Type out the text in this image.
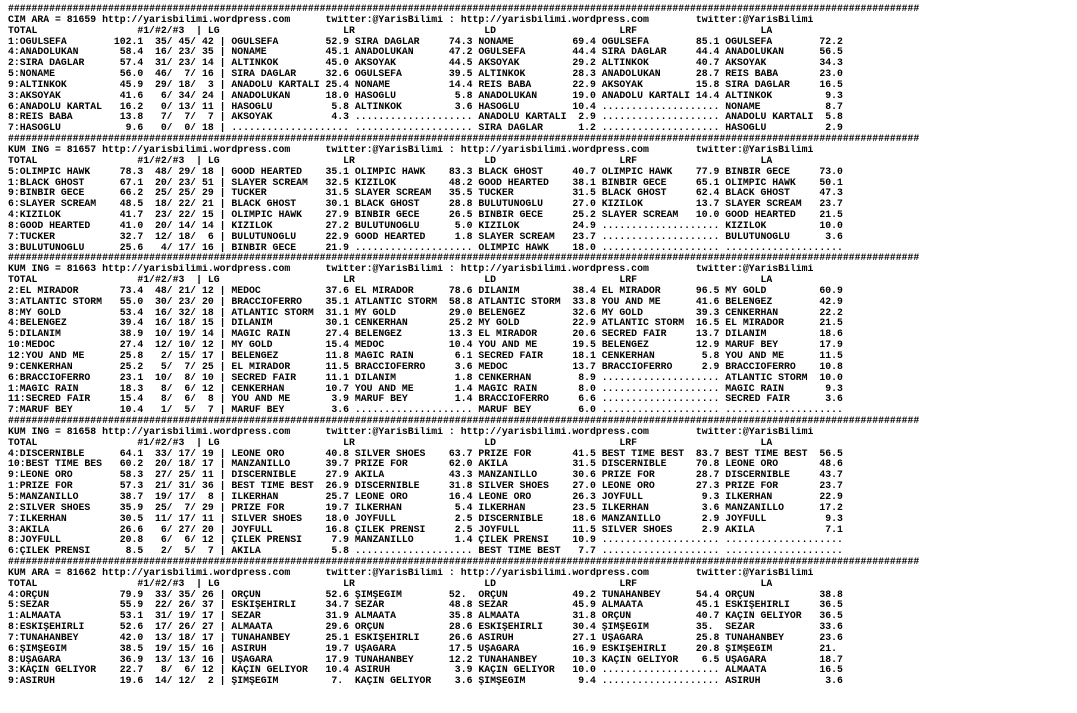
###########################################################################################################################################################
CIM ARA = 81659 http://yarisbilimi.wordpress.com      twitter:@YarisBilimi : http://yarisbilimi.wordpress.com        twitter:@YarisBilimi
TOTAL                 #1/#2/#3  | LG                     LR                      LD                     LRF                     LA
1:OĞULSEFA        102.1  35/ 45/ 42 | OĞULSEFA        52.9 SIRA DAĞLAR     74.3 NONAME          69.4 OĞULSEFA        85.1 OĞULSEFA        72.2
4:ANADOLUKAN       58.4  16/ 23/ 35 | NONAME          45.1 ANADOLUKAN      47.2 OĞULSEFA        44.4 SIRA DAĞLAR     44.4 ANADOLUKAN      56.5
2:SIRA DAĞLAR      57.4  31/ 23/ 14 | ALTINKOK        45.0 AKSOYAK         44.5 AKSOYAK         29.2 ALTINKOK        40.7 AKSOYAK         34.3
5:NONAME           56.0  46/  7/ 16 | SIRA DAĞLAR     32.6 OĞULSEFA        39.5 ALTINKOK        28.3 ANADOLUKAN      28.7 REİS BABA       23.0
9:ALTINKOK         45.9  29/ 18/  3 | ANADOLU KARTALI 25.4 NONAME          14.4 REİS BABA       22.9 AKSOYAK         15.8 SIRA DAĞLAR     16.5
3:AKSOYAK          41.6   6/ 34/ 24 | ANADOLUKAN      18.0 HASOĞLU          5.8 ANADOLUKAN      19.0 ANADOLU KARTALI 14.4 ALTINKOK         9.3
6:ANADOLU KARTAL   16.2   0/ 13/ 11 | HASOĞLU          5.8 ALTINKOK         3.6 HASOĞLU         10.4 .................... NONAME           8.7
8:REİS BABA        13.8   7/  7/  7 | AKSOYAK          4.3 .................... ANADOLU KARTALI  2.9 .................... ANADOLU KARTALI  5.8
7:HASOĞLU           9.6   0/  0/ 18 | .................... .................... SIRA DAĞLAR      1.2 .................... HASOĞLU          2.9
###########################################################################################################################################################
KUM İNG = 81657 http://yarisbilimi.wordpress.com      twitter:@YarisBilimi : http://yarisbilimi.wordpress.com        twitter:@YarisBilimi
TOTAL                 #1/#2/#3  | LG                     LR                      LD                     LRF                     LA
5:OLIMPIC HAWK     78.3  48/ 29/ 18 | GOOD HEARTED    35.1 OLIMPIC HAWK    83.3 BLACK GHOST     40.7 OLIMPIC HAWK    77.9 BİNBİR GECE     73.0
1:BLACK GHOST      67.1  20/ 23/ 51 | SLAYER SCREAM   32.5 KIZILOK         48.2 GOOD HEARTED    38.1 BİNBİR GECE     65.1 OLIMPIC HAWK    50.1
9:BİNBİR GECE      66.2  25/ 25/ 29 | TUCKER          31.5 SLAYER SCREAM   35.5 TUCKER          31.5 BLACK GHOST     62.4 BLACK GHOST     47.3
6:SLAYER SCREAM    48.5  18/ 22/ 21 | BLACK GHOST     30.1 BLACK GHOST     28.8 BULUTUNOĞLU     27.0 KIZILOK         13.7 SLAYER SCREAM   23.7
4:KIZILOK          41.7  23/ 22/ 15 | OLIMPIC HAWK    27.9 BİNBİR GECE     26.5 BİNBİR GECE     25.2 SLAYER SCREAM   10.0 GOOD HEARTED    21.5
8:GOOD HEARTED     41.0  20/ 14/ 14 | KIZILOK         27.2 BULUTUNOĞLU      5.0 KIZILOK         24.9 .................... KIZILOK         10.0
7:TUCKER           32.7  12/ 18/  6 | BULUTUNOĞLU     22.9 GOOD HEARTED     1.8 SLAYER SCREAM   23.7 .................... BULUTUNOĞLU      3.6
3:BULUTUNOĞLU      25.6   4/ 17/ 16 | BİNBİR GECE     21.9 .................... OLIMPIC HAWK    18.0 .................... ....................
###########################################################################################################################################################
KUM İNG = 81663 http://yarisbilimi.wordpress.com      twitter:@YarisBilimi : http://yarisbilimi.wordpress.com        twitter:@YarisBilimi
TOTAL                 #1/#2/#3  | LG                     LR                      LD                     LRF                     LA
2:EL MIRADOR       73.4  48/ 21/ 12 | MEDOC           37.6 EL MIRADOR      78.6 DİLANIM         38.4 EL MIRADOR      96.5 MY GOLD         60.9
3:ATLANTIC STORM   55.0  30/ 23/ 20 | BRACCIOFERRO    35.1 ATLANTIC STORM  58.8 ATLANTIC STORM  33.8 YOU AND ME      41.6 BELENGEZ        42.9
8:MY GOLD          53.4  16/ 32/ 18 | ATLANTIC STORM  31.1 MY GOLD         29.0 BELENGEZ        32.6 MY GOLD         39.3 CENKERHAN       22.2
4:BELENGEZ         39.4  16/ 18/ 15 | DİLANIM         30.1 CENKERHAN       25.2 MY GOLD         22.9 ATLANTIC STORM  16.5 EL MIRADOR      21.5
5:DİLANIM          38.9  10/ 19/ 14 | MAGIC RAIN      27.4 BELENGEZ        13.3 EL MIRADOR      20.6 SECRED FAIR     13.7 DİLANIM         18.6
10:MEDOC           27.4  12/ 10/ 12 | MY GOLD         15.4 MEDOC           10.4 YOU AND ME      19.5 BELENGEZ        12.9 MARUF BEY       17.9
12:YOU AND ME      25.8   2/ 15/ 17 | BELENGEZ        11.8 MAGIC RAIN       6.1 SECRED FAIR     18.1 CENKERHAN        5.8 YOU AND ME      11.5
9:CENKERHAN        25.2   5/  7/ 25 | EL MIRADOR      11.5 BRACCIOFERRO     3.6 MEDOC           13.7 BRACCIOFERRO     2.9 BRACCIOFERRO    10.8
6:BRACCIOFERRO     23.1  10/  8/ 10 | SECRED FAIR     11.1 DİLANIM          1.8 CENKERHAN        8.9 .................... ATLANTIC STORM  10.0
1:MAGIC RAIN       18.3   8/  6/ 12 | CENKERHAN       10.7 YOU AND ME       1.4 MAGIC RAIN       8.0 .................... MAGIC RAIN       9.3
11:SECRED FAIR     15.4   8/  6/  8 | YOU AND ME       3.9 MARUF BEY        1.4 BRACCIOFERRO     6.6 .................... SECRED FAIR      3.6
7:MARUF BEY        10.4   1/  5/  7 | MARUF BEY        3.6 .................... MARUF BEY        6.0 .................... ....................
###########################################################################################################################################################
KUM İNG = 81658 http://yarisbilimi.wordpress.com      twitter:@YarisBilimi : http://yarisbilimi.wordpress.com        twitter:@YarisBilimi
TOTAL                 #1/#2/#3  | LG                     LR                      LD                     LRF                     LA
4:DISCERNIBLE      64.1  33/ 17/ 19 | LEONE ORO       40.8 SILVER SHOES    63.7 PRIZE FOR       41.5 BEST TIME BEST  83.7 BEST TIME BEST  56.5
10:BEST TIME BES   60.2  20/ 18/ 17 | MANZANILLO      39.7 PRIZE FOR       62.0 AKİLA           31.5 DISCERNIBLE     70.8 LEONE ORO       48.6
9:LEONE ORO        58.3  27/ 25/ 11 | DISCERNIBLE     27.9 AKİLA           43.3 MANZANILLO      30.6 PRIZE FOR       28.7 DISCERNIBLE     43.7
1:PRIZE FOR        57.3  21/ 31/ 36 | BEST TIME BEST  26.9 DISCERNIBLE     31.8 SILVER SHOES    27.0 LEONE ORO       27.3 PRIZE FOR       23.7
5:MANZANILLO       38.7  19/ 17/  8 | İLKERHAN        25.7 LEONE ORO       16.4 LEONE ORO       26.3 JOYFULL          9.3 İLKERHAN        22.9
2:SILVER SHOES     35.9  25/  7/ 29 | PRIZE FOR       19.7 İLKERHAN         5.4 İLKERHAN        23.5 İLKERHAN         3.6 MANZANILLO      17.2
7:İLKERHAN         30.5  11/ 17/ 11 | SILVER SHOES    18.0 JOYFULL          2.5 DISCERNIBLE     18.6 MANZANILLO       2.9 JOYFULL          9.3
3:AKİLA            26.6   6/ 27/ 20 | JOYFULL         16.8 ÇİLEK PRENSİ     2.5 JOYFULL         11.5 SILVER SHOES     2.9 AKİLA            7.1
8:JOYFULL          20.8   6/  6/ 12 | ÇİLEK PRENSİ     7.9 MANZANILLO       1.4 ÇİLEK PRENSİ    10.9 .................... ....................
6:ÇİLEK PRENSİ      8.5   2/  5/  7 | AKİLA            5.8 .................... BEST TIME BEST   7.7 .................... ....................
###########################################################################################################################################################
KUM ARA = 81662 http://yarisbilimi.wordpress.com      twitter:@YarisBilimi : http://yarisbilimi.wordpress.com        twitter:@YarisBilimi
TOTAL                 #1/#2/#3  | LG                     LR                      LD                     LRF                     LA
4:ORÇUN            79.9  33/ 35/ 26 | ORÇUN           52.6 ŞİMŞEĞİM        52.  ORÇUN           49.2 TUNAHANBEY      54.4 ORÇUN           38.8
5:SEZAR            55.9  22/ 26/ 37 | ESKİŞEHİRLİ     34.7 SEZAR           48.8 SEZAR           45.9 ALMAATA         45.1 ESKİŞEHİRLİ     36.5
1:ALMAATA          53.1  31/ 19/ 17 | SEZAR           31.9 ALMAATA         35.8 ALMAATA         31.8 ORÇUN           40.7 KAÇIN GELİYOR   36.5
8:ESKİŞEHİRLİ      52.6  17/ 26/ 27 | ALMAATA         29.6 ORÇUN           28.6 ESKİŞEHİRLİ     30.4 ŞİMŞEĞİM        35.  SEZAR           33.6
7:TUNAHANBEY       42.0  13/ 18/ 17 | TUNAHANBEY      25.1 ESKİŞEHİRLİ     26.6 ASIRUH          27.1 UŞAGARA         25.8 TUNAHANBEY      23.6
6:ŞİMŞEĞİM         38.5  19/ 15/ 16 | ASIRUH          19.7 UŞAGARA         17.5 UŞAGARA         16.9 ESKİŞEHİRLİ     20.8 ŞİMŞEĞİM        21.
8:UŞAGARA          36.9  13/ 13/ 16 | UŞAGARA         17.9 TUNAHANBEY      12.2 TUNAHANBEY      10.3 KAÇIN GELİYOR    6.5 UŞAGARA         18.7
3:KAÇIN GELİYOR    22.7   8/  6/ 12 | KAÇIN GELİYOR   10.4 ASIRUH           3.9 KAÇIN GELİYOR   10.0 .................... ALMAATA         16.5
9:ASIRUH           19.6  14/ 12/  2 | ŞİMŞEĞİM         7.  KAÇIN GELİYOR    3.6 ŞİMŞEĞİM         9.4 .................... ASIRUH           3.6
